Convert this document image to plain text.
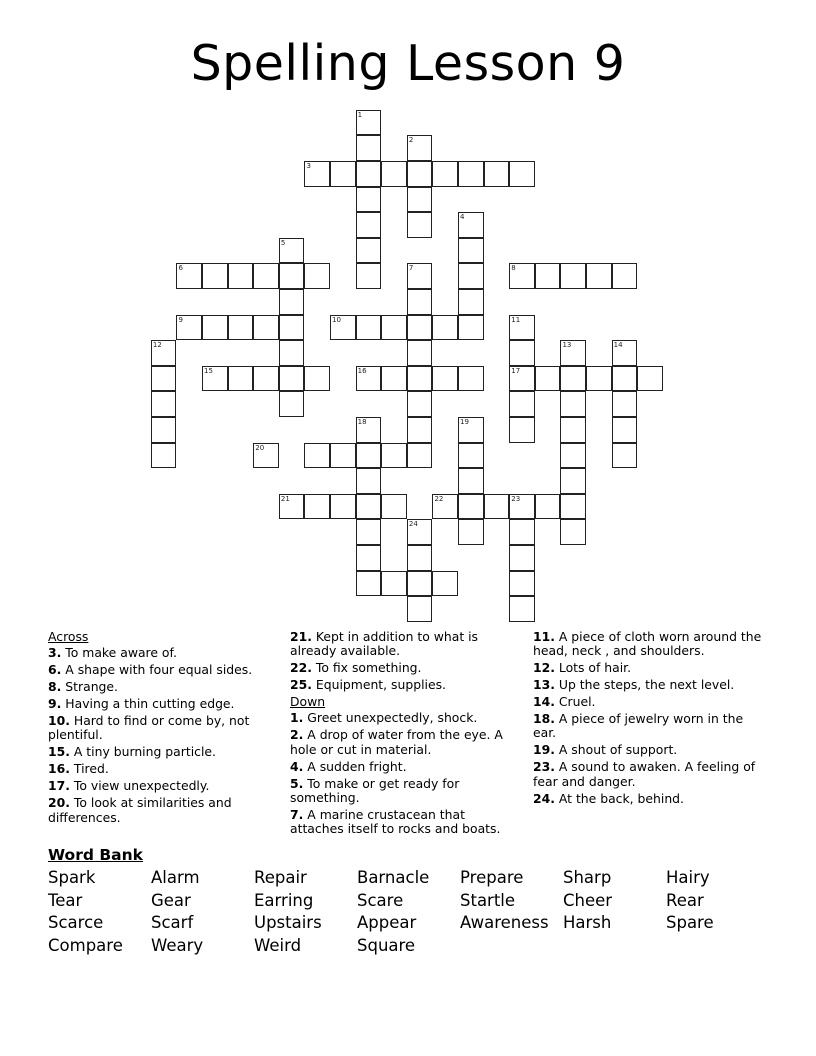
Spelling Lesson 9
1
2
3
4
5
6	7	8
9	10	11
17
12	13	14
15	16
18	19
20
21	22	23
24
Across
3. To make aware of.
6. A shape with four equal sides.
8. Strange.
9. Having a thin cutting edge.
10. Hard to find or come by, not plentiful.
15. A tiny burning particle.
16. Tired.
17. To view unexpectedly.
20. To look at similarities and differences.
21. Kept in addition to what is already available.
22. To fix something.
25. Equipment, supplies.
Down
1. Greet unexpectedly, shock.
2. A drop of water from the eye. A hole or cut in material.
4. A sudden fright.
5. To make or get ready for something.
7. A marine crustacean that attaches itself to rocks and boats.
11. A piece of cloth worn around the head, neck , and shoulders.
12. Lots of hair.
13. Up the steps, the next level.
14. Cruel.
18. A piece of jewelry worn in the ear.
19. A shout of support.
23. A sound to awaken. A feeling of fear and danger.
24. At the back, behind.
Word Bank
Spark	Alarm	Repair	Barnacle	Prepare	Sharp	Hairy
Tear	Gear	Earring	Scare	Startle	Cheer	Rear
Scarce	Scarf	Upstairs	Appear	Awareness Harsh	Spare
Compare	Weary	Weird	Square
